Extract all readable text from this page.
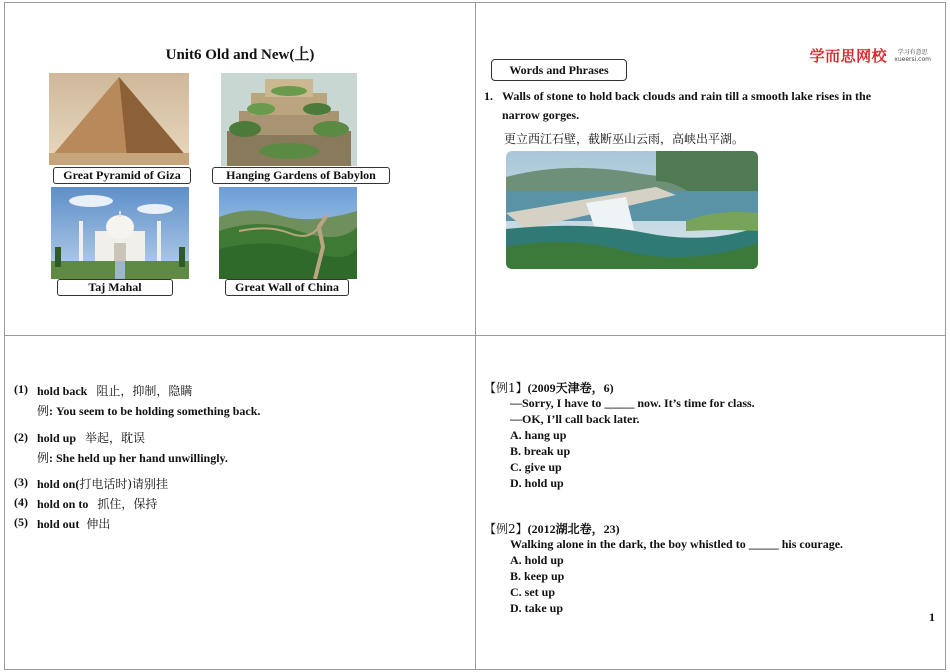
Unit6 Old and New(上)
Great Pyramid of Giza	Hanging Gardens of Babylon
Taj Mahal	Great Wall of China
学而思网校	学习有意思
xueersi.com
Words and Phrases
1. Walls of stone to hold back clouds and rain till a smooth lake rises in the
narrow gorges.
更立西江石壁，截断巫山云雨，高峡出平湖。
(1) hold back 阻止，抑制，隐瞒
例: You seem to be holding something back.
(2) hold up 举起，耽误
例: She held up her hand unwillingly.
(3) hold on(打电话时)请别挂
(4) hold on to 抓住，保持
(5) hold out 伸出
【例1】(2009天津卷，6)
—Sorry, I have to _____ now. It’s time for class.
—OK, I’ll call back later.
A. hang up
B. break up
C. give up
D. hold up
【例2】(2012湖北卷，23)
Walking alone in the dark, the boy whistled to _____ his courage.
A. hold up
B. keep up
C. set up
D. take up
1
